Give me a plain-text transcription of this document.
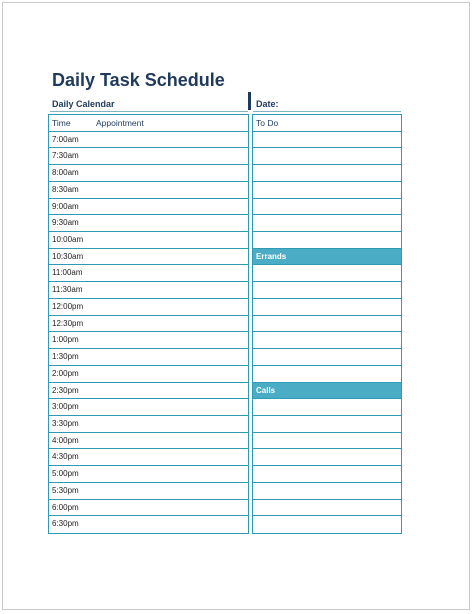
Daily Task Schedule
Daily Calendar	Date:
Time	Appointment
7:00am
7:30am
8:00am
8:30am
9:00am
9:30am
10:00am
10:30am
11:00am
11:30am
12:00pm
12:30pm
1:00pm
1:30pm
2:00pm
2:30pm
3:00pm
3:30pm
4:00pm
4:30pm
5:00pm
5:30pm
6:00pm
6:30pm
To Do
Errands
Calls
